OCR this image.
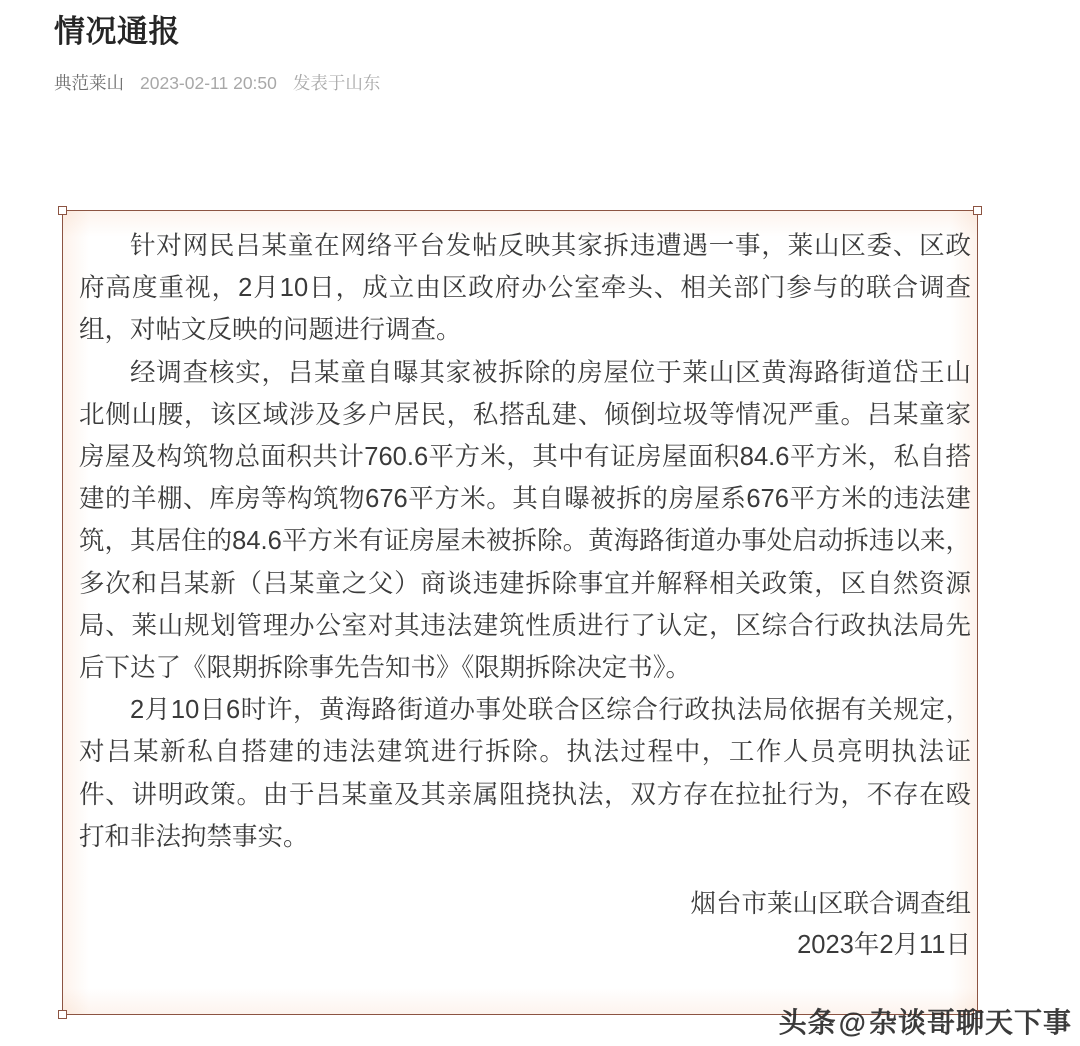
情况通报
典范莱山 2023-02-11 20:50 发表于山东

针对网民吕某童在网络平台发帖反映其家拆违遭遇一事，莱山区委、区政府高度重视，2月10日，成立由区政府办公室牵头、相关部门参与的联合调查组，对帖文反映的问题进行调查。

经调查核实，吕某童自曝其家被拆除的房屋位于莱山区黄海路街道岱王山北侧山腰，该区域涉及多户居民，私搭乱建、倾倒垃圾等情况严重。吕某童家房屋及构筑物总面积共计760.6平方米，其中有证房屋面积84.6平方米，私自搭建的羊棚、库房等构筑物676平方米。其自曝被拆的房屋系676平方米的违法建筑，其居住的84.6平方米有证房屋未被拆除。黄海路街道办事处启动拆违以来，多次和吕某新（吕某童之父）商谈违建拆除事宜并解释相关政策，区自然资源局、莱山规划管理办公室对其违法建筑性质进行了认定，区综合行政执法局先后下达了《限期拆除事先告知书》《限期拆除决定书》。

2月10日6时许，黄海路街道办事处联合区综合行政执法局依据有关规定，对吕某新私自搭建的违法建筑进行拆除。执法过程中，工作人员亮明执法证件、讲明政策。由于吕某童及其亲属阻挠执法，双方存在拉扯行为，不存在殴打和非法拘禁事实。

烟台市莱山区联合调查组
2023年2月11日
头条@杂谈哥聊天下事
